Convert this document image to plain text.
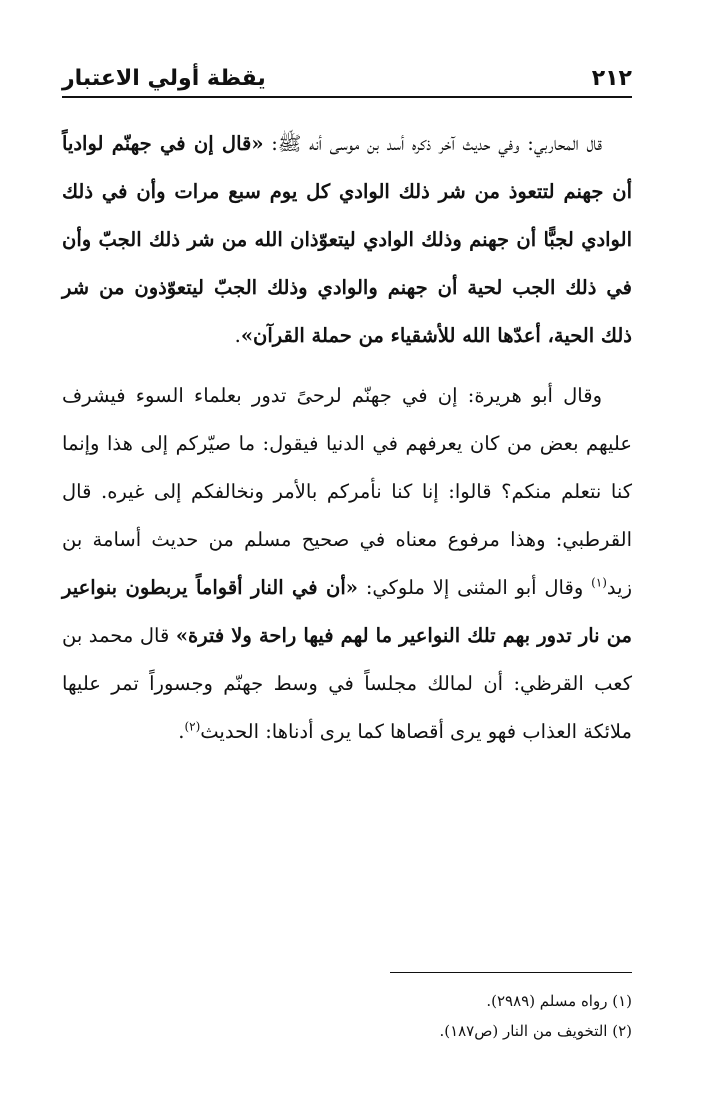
٢١٢
يقظة أولي الاعتبار

قال المحاربي: وفي حديث آخر ذكره أسد بن موسى أنه ﷺ: «قال إن في جهنّم لوادياً أن جهنم لتتعوذ من شر ذلك الوادي كل يوم سبع مرات وأن في ذلك الوادي لجبًّا أن جهنم وذلك الوادي ليتعوّذان الله من شر ذلك الجبّ وأن في ذلك الجب لحية أن جهنم والوادي وذلك الجبّ ليتعوّذون من شر ذلك الحية، أعدّها الله للأشقياء من حملة القرآن».

وقال أبو هريرة: إن في جهنّم لرحىً تدور بعلماء السوء فيشرف عليهم بعض من كان يعرفهم في الدنيا فيقول: ما صيّركم إلى هذا وإنما كنا نتعلم منكم؟ قالوا: إنا كنا نأمركم بالأمر ونخالفكم إلى غيره. قال القرطبي: وهذا مرفوع معناه في صحيح مسلم من حديث أسامة بن زيد$^{(١)}$ وقال أبو المثنى إلا ملوكي: «أن في النار أقواماً يربطون بنواعير من نار تدور بهم تلك النواعير ما لهم فيها راحة ولا فترة» قال محمد بن كعب القرظي: أن لمالك مجلساً في وسط جهنّم وجسوراً تمر عليها ملائكة العذاب فهو يرى أقصاها كما يرى أدناها: الحديث$^{(٢)}$.

(١) رواه مسلم (٢٩٨٩).
(٢) التخويف من النار (ص١٨٧).
